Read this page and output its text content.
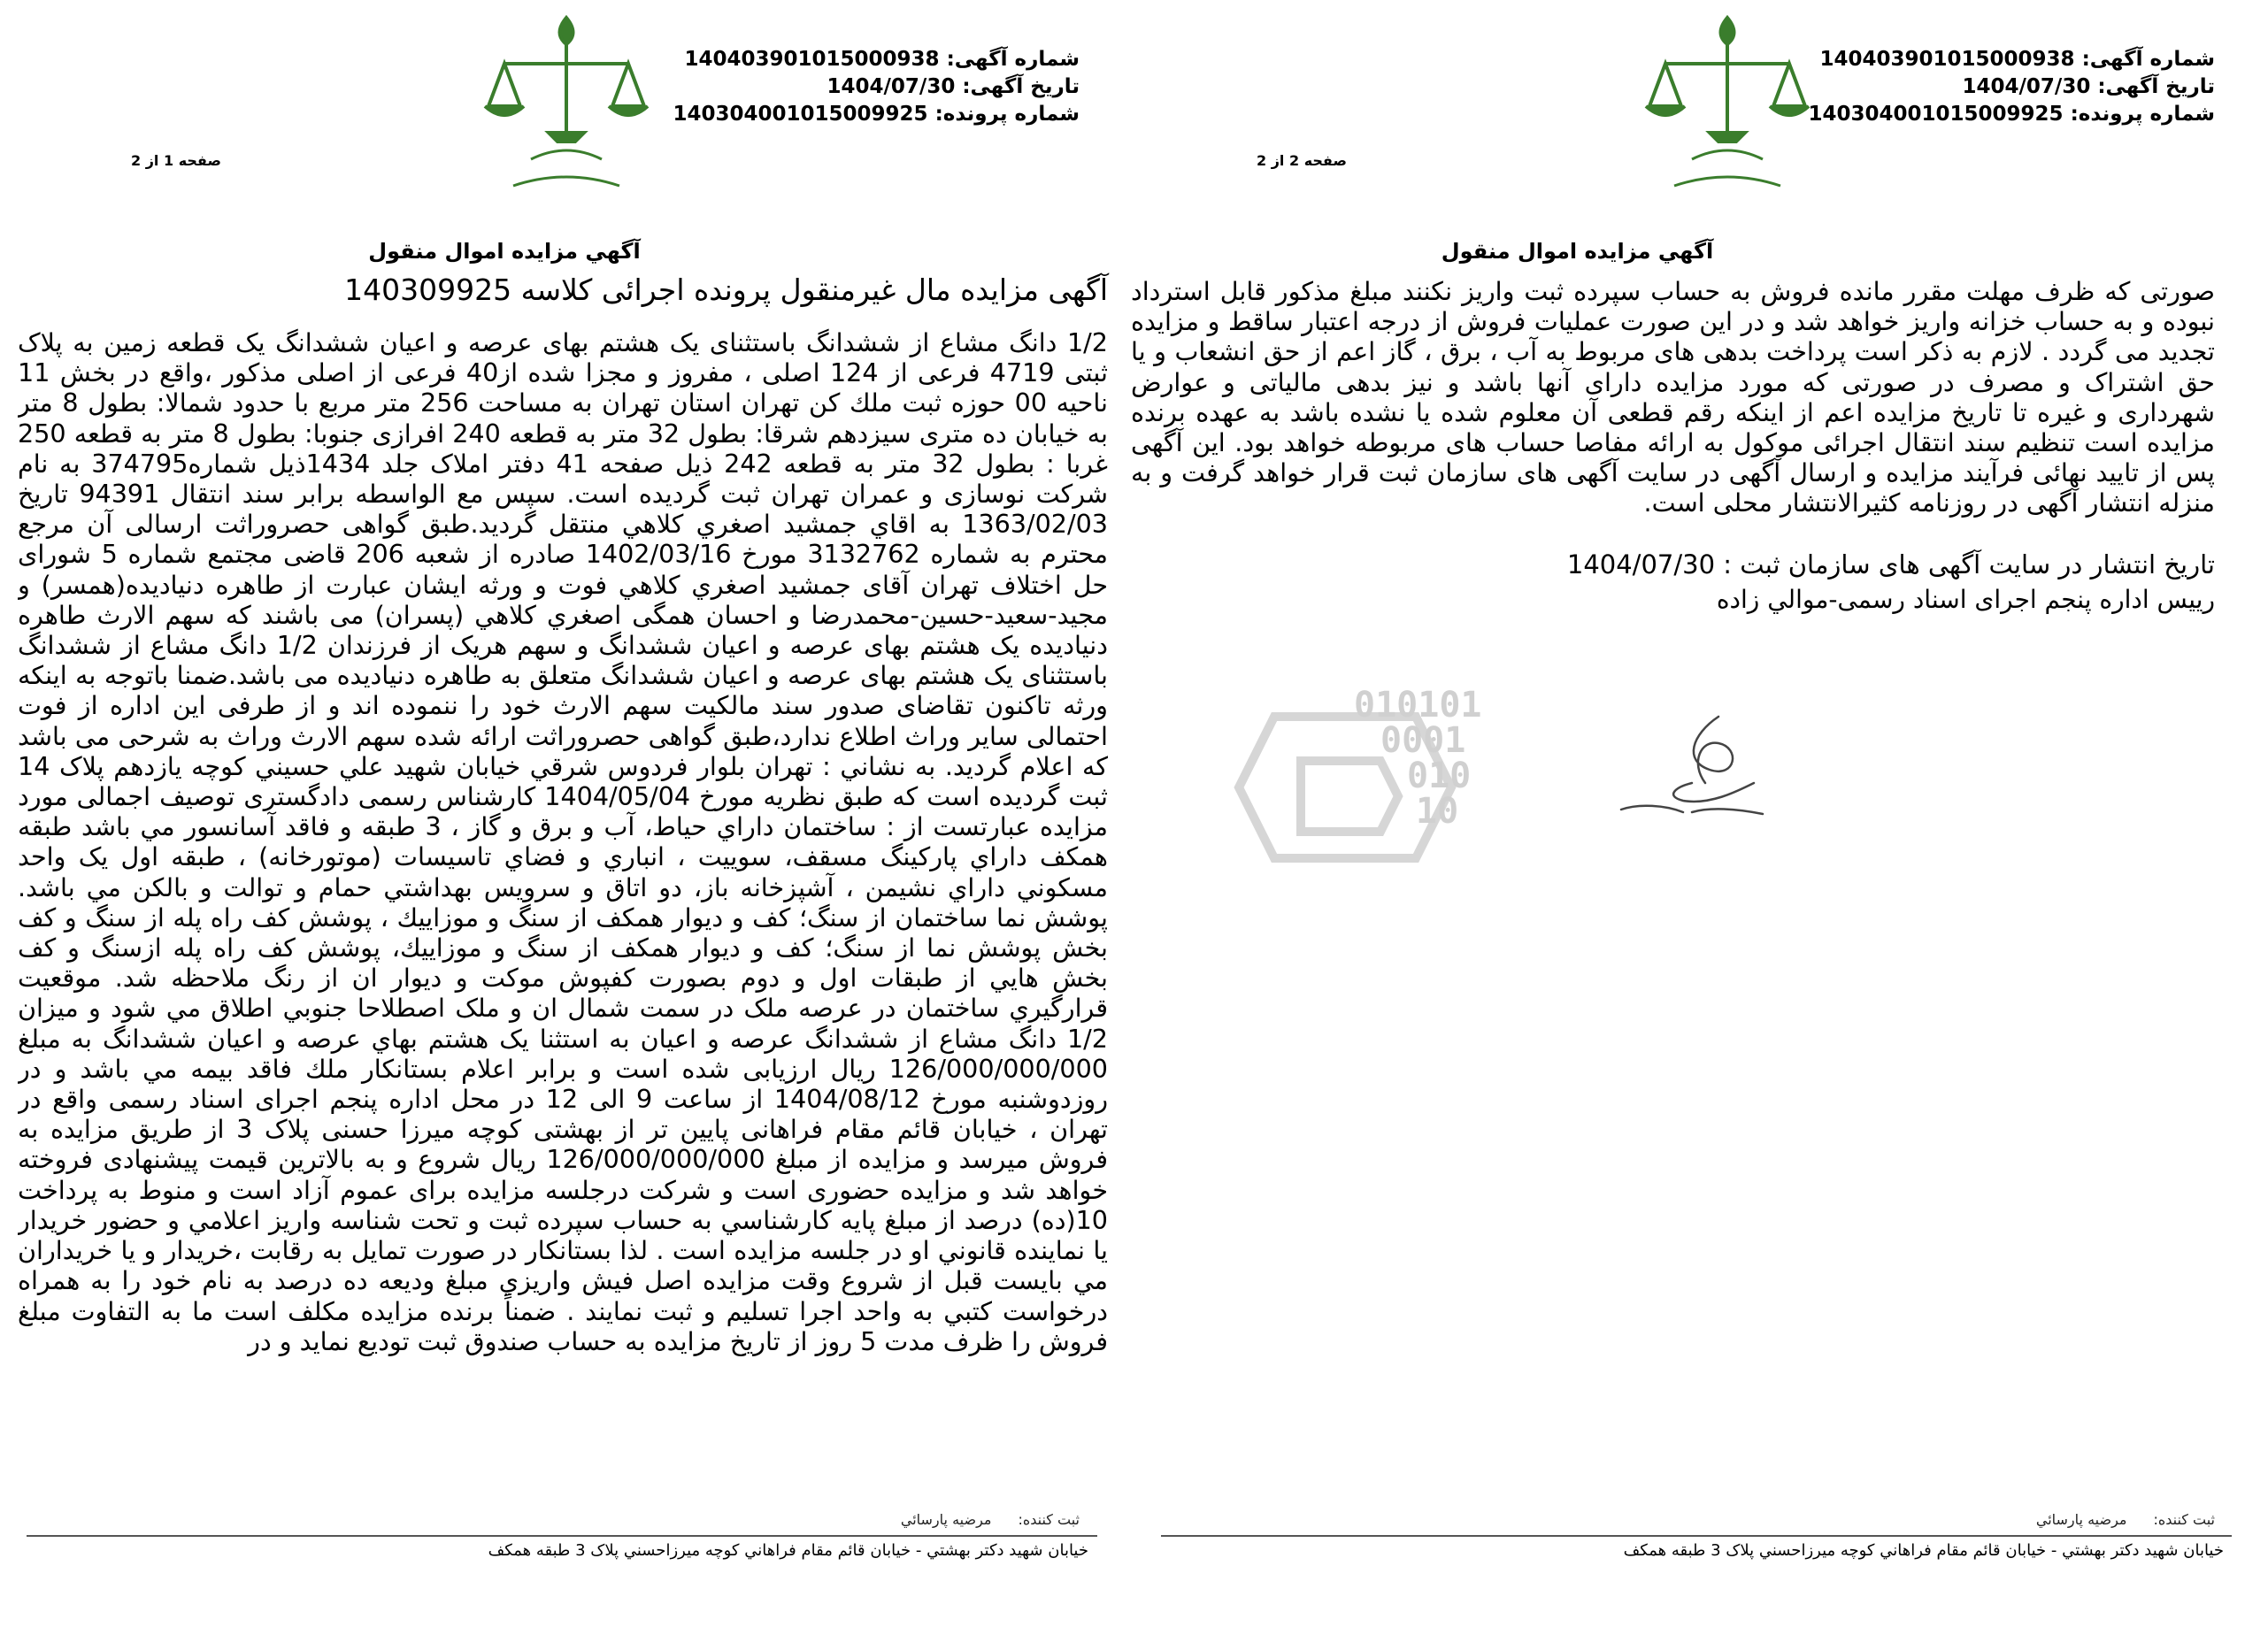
شماره آگهی: 140403901015000938
تاریخ آگهی: 1404/07/30
شماره پرونده: 140304001015009925
صفحه 1 از 2
آگهي مزايده اموال منقول
آگهی مزایده مال غیرمنقول پرونده اجرائی کلاسه 140309925
1/2 دانگ مشاع از ششدانگ باستثنای یک هشتم بهای عرصه و اعیان ششدانگ یک قطعه زمین به پلاک ثبتی 4719 فرعی از 124 اصلی ، مفروز و مجزا شده از40 فرعی از اصلی مذکور ،واقع در بخش 11 ناحیه 00 حوزه ثبت ملك كن تهران استان تهران به مساحت 256 متر مربع با حدود شمالا: بطول 8 متر به خیابان ده متری سیزدهم شرقا: بطول 32 متر به قطعه 240 افرازی جنوبا: بطول 8 متر به قطعه 250 غربا : بطول 32 متر به قطعه 242 ذیل صفحه 41 دفتر املاک جلد 1434ذیل شماره374795 به نام شرکت نوسازی و عمران تهران ثبت گردیده است. سپس مع الواسطه برابر سند انتقال 94391 تاریخ 1363/02/03 به اقاي جمشيد اصغري كلاهي منتقل گرديد.طبق گواهی حصروراثت ارسالی آن مرجع محترم به شماره 3132762 مورخ 1402/03/16 صادره از شعبه 206 قاضی مجتمع شماره 5 شورای حل اختلاف تهران آقای جمشید اصغري كلاهي فوت و ورثه ایشان عبارت از طاهره دنیادیده(همسر) و مجید-سعید-حسین-محمدرضا و احسان همگی اصغري كلاهي (پسران) می باشند که سهم الارث طاهره دنیادیده یک هشتم بهای عرصه و اعیان ششدانگ و سهم هریک از فرزندان 1/2 دانگ مشاع از ششدانگ باستثنای یک هشتم بهای عرصه و اعیان ششدانگ متعلق به طاهره دنیادیده می باشد.ضمنا باتوجه به اینکه ورثه تاکنون تقاضای صدور سند مالکیت سهم الارث خود را ننموده اند و از طرفی این اداره از فوت احتمالی سایر وراث اطلاع ندارد،طبق گواهی حصروراثت ارائه شده سهم الارث وراث به شرحی می باشد که اعلام گردید. به نشاني : تهران بلوار فردوس شرقي خيابان شهيد علي حسيني كوچه يازدهم پلاک 14 ثبت گردیده است که طبق نظریه مورخ 1404/05/04 كارشناس رسمی دادگستری توصیف اجمالی مورد مزایده عبارتست از : ساختمان داراي حياط، آب و برق و گاز ، 3 طبقه و فاقد آسانسور مي باشد طبقه همكف داراي پاركينگ مسقف، سوييت ، انباري و فضاي تاسيسات (موتورخانه) ، طبقه اول یک واحد مسكوني داراي نشيمن ، آشپزخانه باز، دو اتاق و سرويس بهداشتي حمام و توالت و بالكن مي باشد. پوشش نما ساختمان از سنگ؛ كف و ديوار همكف از سنگ و موزاييك ، پوشش كف راه پله از سنگ و كف بخش پوشش نما از سنگ؛ كف و ديوار همكف از سنگ و موزاييك، پوشش كف راه پله ازسنگ و كف بخش هايي از طبقات اول و دوم بصورت كفپوش موكت و ديوار ان از رنگ ملاحظه شد. موقعيت قرارگيري ساختمان در عرصه ملک در سمت شمال ان و ملک اصطلاحا جنوبي اطلاق مي شود و ميزان 1/2 دانگ مشاع از ششدانگ عرصه و اعيان به استثنا يک هشتم بهاي عرصه و اعيان ششدانگ به مبلغ 126/000/000/000 ريال ارزيابی شده است و برابر اعلام بستانكار ملك فاقد بيمه مي باشد و در روزدوشنبه مورخ 1404/08/12 از ساعت 9 الی 12 در محل اداره پنجم اجرای اسناد رسمی واقع در تهران ، خیابان قائم مقام فراهانی پایین تر از بهشتی کوچه میرزا حسنی پلاک 3 از طریق مزایده به فروش میرسد و مزایده از مبلغ 126/000/000/000 ريال شروع و به بالاترین قیمت پیشنهادی فروخته خواهد شد و مزایده حضوری است و شرکت درجلسه مزایده برای عموم آزاد است و منوط به پرداخت 10(ده) درصد از مبلغ پایه کارشناسي به حساب سپرده ثبت و تحت شناسه واريز اعلامي و حضور خريدار يا نماينده قانوني او در جلسه مزايده است . لذا بستانكار در صورت تمایل به رقابت ،خريدار و يا خريداران مي بايست قبل از شروع وقت مزايده اصل فيش واريزي مبلغ وديعه ده درصد به نام خود را به همراه درخواست كتبي به واحد اجرا تسليم و ثبت نمايند . ضمناً برنده مزایده مکلف است ما به التفاوت مبلغ فروش را ظرف مدت 5 روز از تاریخ مزایده به حساب صندوق ثبت تودیع نماید و در
ثبت کننده:مرضیه پارسائي
خيابان شهيد دكتر بهشتي - خيابان قائم مقام فراهاني كوچه ميرزاحسني پلاک 3 طبقه همكف
شماره آگهی: 140403901015000938
تاریخ آگهی: 1404/07/30
شماره پرونده: 140304001015009925
صفحه 2 از 2
آگهي مزايده اموال منقول
صورتی که ظرف مهلت مقرر مانده فروش به حساب سپرده ثبت واریز نکنند مبلغ مذکور قابل استرداد نبوده و به حساب خزانه واریز خواهد شد و در این صورت عملیات فروش از درجه اعتبار ساقط و مزایده تجدید می گردد . لازم به ذکر است پرداخت بدهی های مربوط به آب ، برق ، گاز اعم از حق انشعاب و یا حق اشتراک و مصرف در صورتی که مورد مزایده دارای آنها باشد و نیز بدهی مالیاتی و عوارض شهرداری و غیره تا تاریخ مزایده اعم از اینکه رقم قطعی آن معلوم شده یا نشده باشد به عهده برنده مزایده است تنظیم سند انتقال اجرائی موکول به ارائه مفاصا حساب های مربوطه خواهد بود. این آگهی پس از تایید نهائی فرآیند مزایده و ارسال آگهی در سایت آگهی های سازمان ثبت قرار خواهد گرفت و به منزله انتشار آگهی در روزنامه کثیرالانتشار محلی است.
تاریخ انتشار در سایت آگهی های سازمان ثبت : 1404/07/30
رييس اداره پنجم اجرای اسناد رسمی-موالي زاده
ثبت کننده:مرضیه پارسائي
خيابان شهيد دكتر بهشتي - خيابان قائم مقام فراهاني كوچه ميرزاحسني پلاک 3 طبقه همكف
010101
0001
010
10
